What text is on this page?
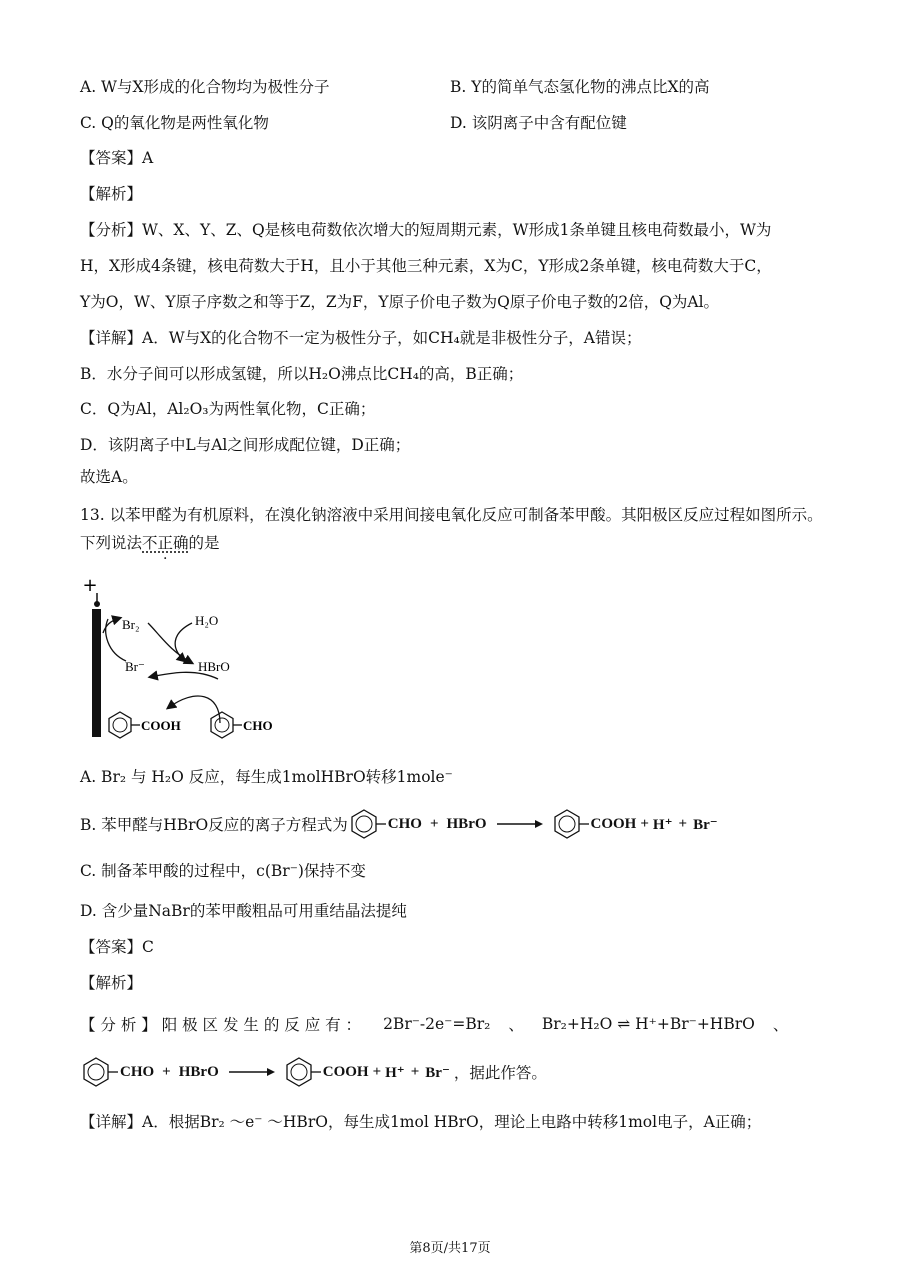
A. W与X形成的化合物均为极性分子	B. Y的简单气态氢化物的沸点比X的高
C. Q的氧化物是两性氧化物	D. 该阴离子中含有配位键
【答案】A
【解析】
【分析】W、X、Y、Z、Q是核电荷数依次增大的短周期元素，W形成1条单键且核电荷数最小，W为
H，X形成4条键，核电荷数大于H，且小于其他三种元素，X为C，Y形成2条单键，核电荷数大于C，
Y为O，W、Y原子序数之和等于Z，Z为F，Y原子价电子数为Q原子价电子数的2倍，Q为Al。
【详解】A．W与X的化合物不一定为极性分子，如CH₄就是非极性分子，A错误；
B．水分子间可以形成氢键，所以H₂O沸点比CH₄的高，B正确；
C．Q为Al，Al₂O₃为两性氧化物，C正确；
D．该阴离子中L与Al之间形成配位键，D正确；
故选A。
13. 以苯甲醛为有机原料，在溴化钠溶液中采用间接电氧化反应可制备苯甲酸。其阳极区反应过程如图所示。
下列说法不正确的是
+
Br₂	H₂O
Br⁻	HBrO
COOH	CHO
A. Br₂ 与 H₂O 反应，每生成1molHBrO转移1mole⁻
B. 苯甲醛与HBrO反应的离子方程式为	CHO + HBrO →	COOH + H⁺ + Br⁻
C. 制备苯甲酸的过程中，c(Br⁻)保持不变
D. 含少量NaBr的苯甲酸粗品可用重结晶法提纯
【答案】C
【解析】
【 分 析 】 阳 极 区 发 生 的 反 应 有 ： 2Br⁻-2e⁻=Br₂ 、 Br₂+H₂O ⇌ H⁺+Br⁻+HBrO 、
CHO + HBrO →	COOH + H⁺ + Br⁻ ，据此作答。
【详解】A．根据Br₂ ～e⁻ ～HBrO，每生成1mol HBrO，理论上电路中转移1mol电子，A正确；
第8页/共17页
